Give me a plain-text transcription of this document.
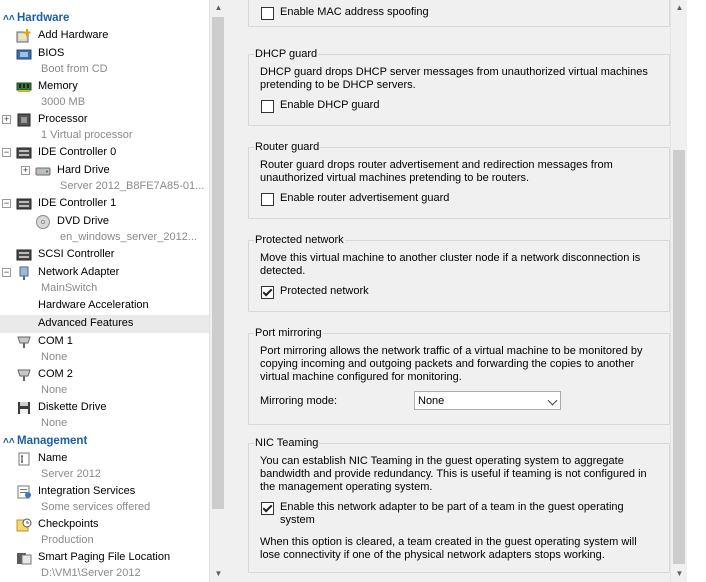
˄˄ Hardware
Add Hardware
BIOS
Boot from CD
Memory
3000 MB
+	Processor
1 Virtual processor
−	IDE Controller 0
+	Hard Drive
Server 2012_B8FE7A85-01...
−	IDE Controller 1
DVD Drive
en_windows_server_2012...
SCSI Controller
−	Network Adapter
MainSwitch
Hardware Acceleration
Advanced Features
COM 1
None
COM 2
None
Diskette Drive
None
˄˄ Management
Name
Server 2012
Integration Services
Some services offered
Checkpoints
Production
Smart Paging File Location
D:\VM1\Server 2012
▲
▼
Enable MAC address spoofing
DHCP guard
DHCP guard drops DHCP server messages from unauthorized virtual machines pretending to be DHCP servers.
Enable DHCP guard
Router guard
Router guard drops router advertisement and redirection messages from unauthorized virtual machines pretending to be routers.
Enable router advertisement guard
Protected network
Move this virtual machine to another cluster node if a network disconnection is detected.
Protected network
Port mirroring
Port mirroring allows the network traffic of a virtual machine to be monitored by copying incoming and outgoing packets and forwarding the copies to another virtual machine configured for monitoring.
Mirroring mode:	None
NIC Teaming
You can establish NIC Teaming in the guest operating system to aggregate bandwidth and provide redundancy. This is useful if teaming is not configured in the management operating system.
Enable this network adapter to be part of a team in the guest operating system
When this option is cleared, a team created in the guest operating system will lose connectivity if one of the physical network adapters stops working.
▲
▼
